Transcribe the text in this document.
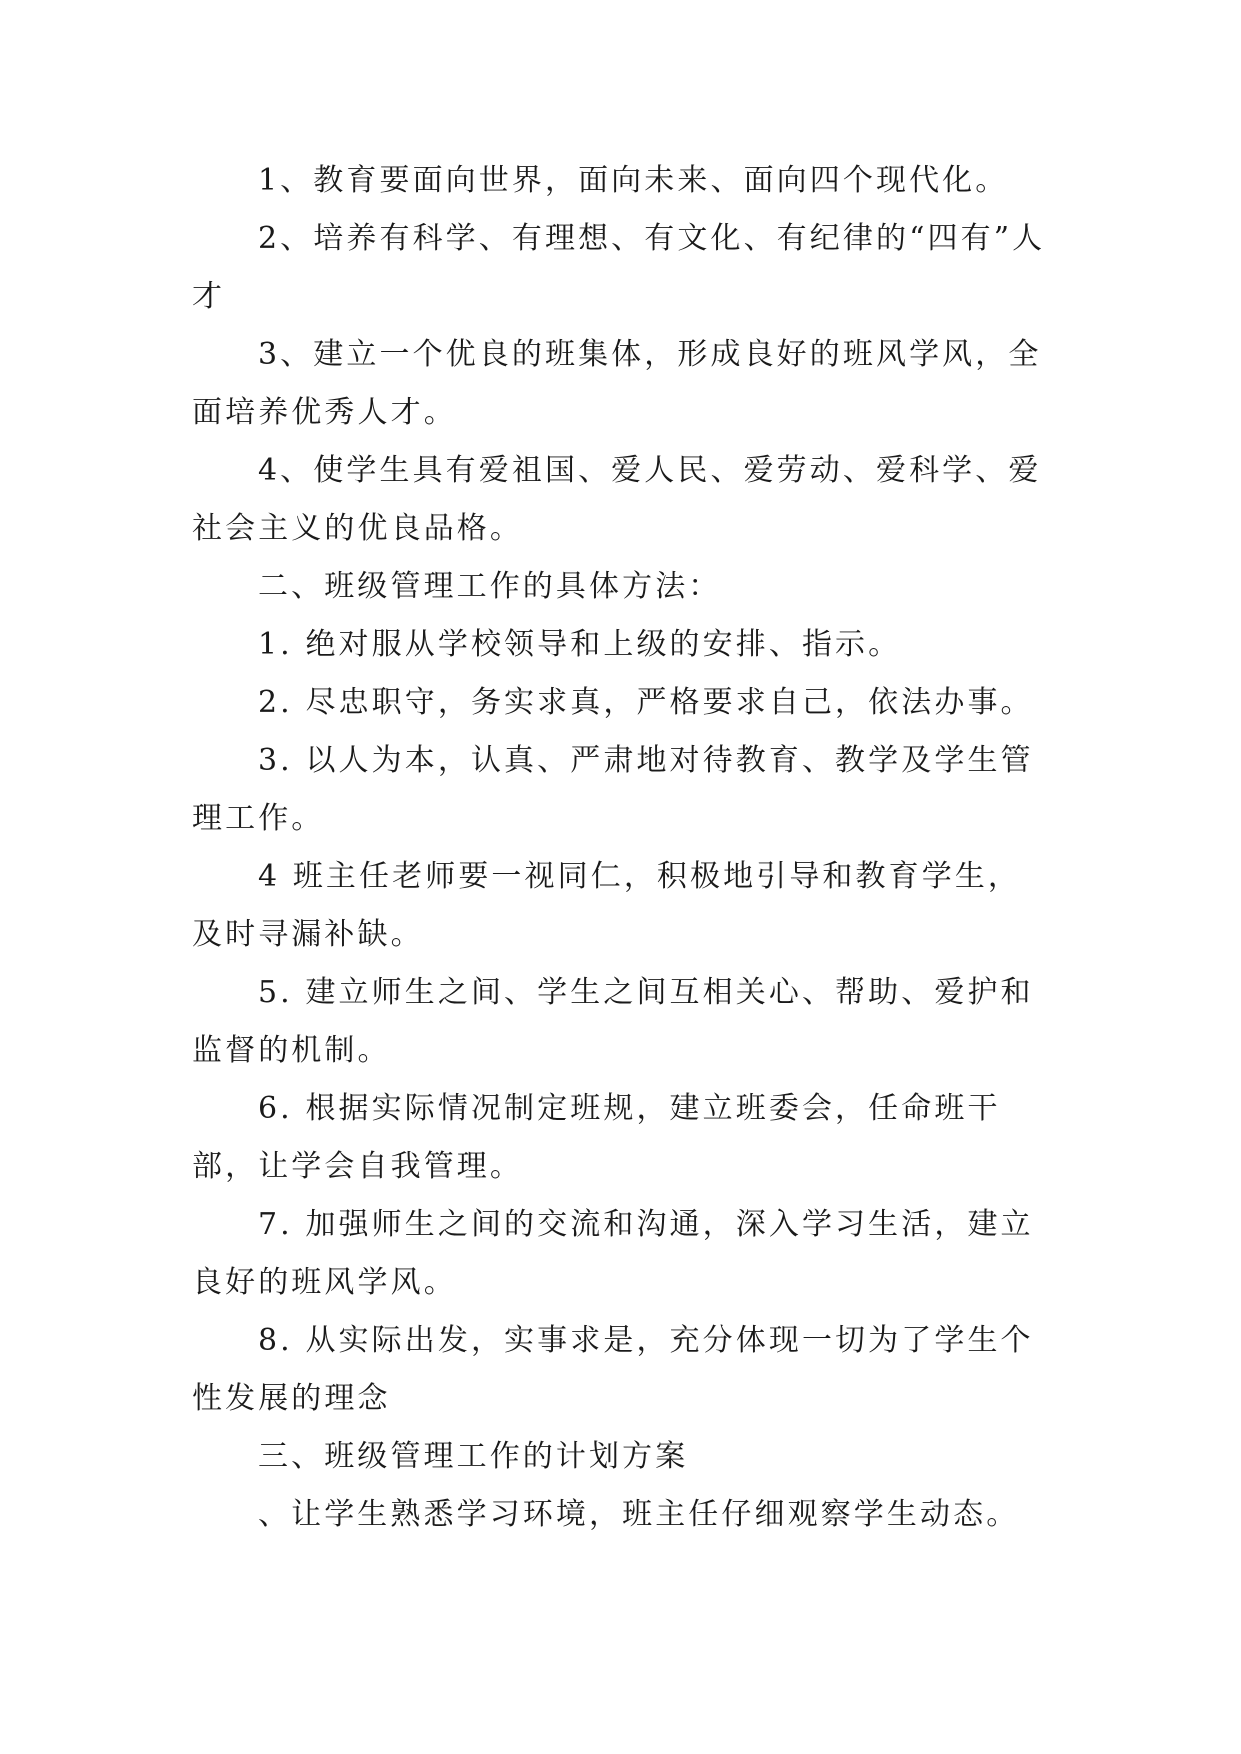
1、教育要面向世界，面向未来、面向四个现代化。

2、培养有科学、有理想、有文化、有纪律的“四有”人才

3、建立一个优良的班集体，形成良好的班风学风，全面培养优秀人才。

4、使学生具有爱祖国、爱人民、爱劳动、爱科学、爱社会主义的优良品格。

二、班级管理工作的具体方法：

1. 绝对服从学校领导和上级的安排、指示。

2. 尽忠职守，务实求真，严格要求自己，依法办事。

3. 以人为本，认真、严肃地对待教育、教学及学生管理工作。

4 班主任老师要一视同仁，积极地引导和教育学生，及时寻漏补缺。

5. 建立师生之间、学生之间互相关心、帮助、爱护和监督的机制。

6. 根据实际情况制定班规，建立班委会，任命班干部，让学会自我管理。

7. 加强师生之间的交流和沟通，深入学习生活，建立良好的班风学风。

8. 从实际出发，实事求是，充分体现一切为了学生个性发展的理念

三、班级管理工作的计划方案

、让学生熟悉学习环境，班主任仔细观察学生动态。
